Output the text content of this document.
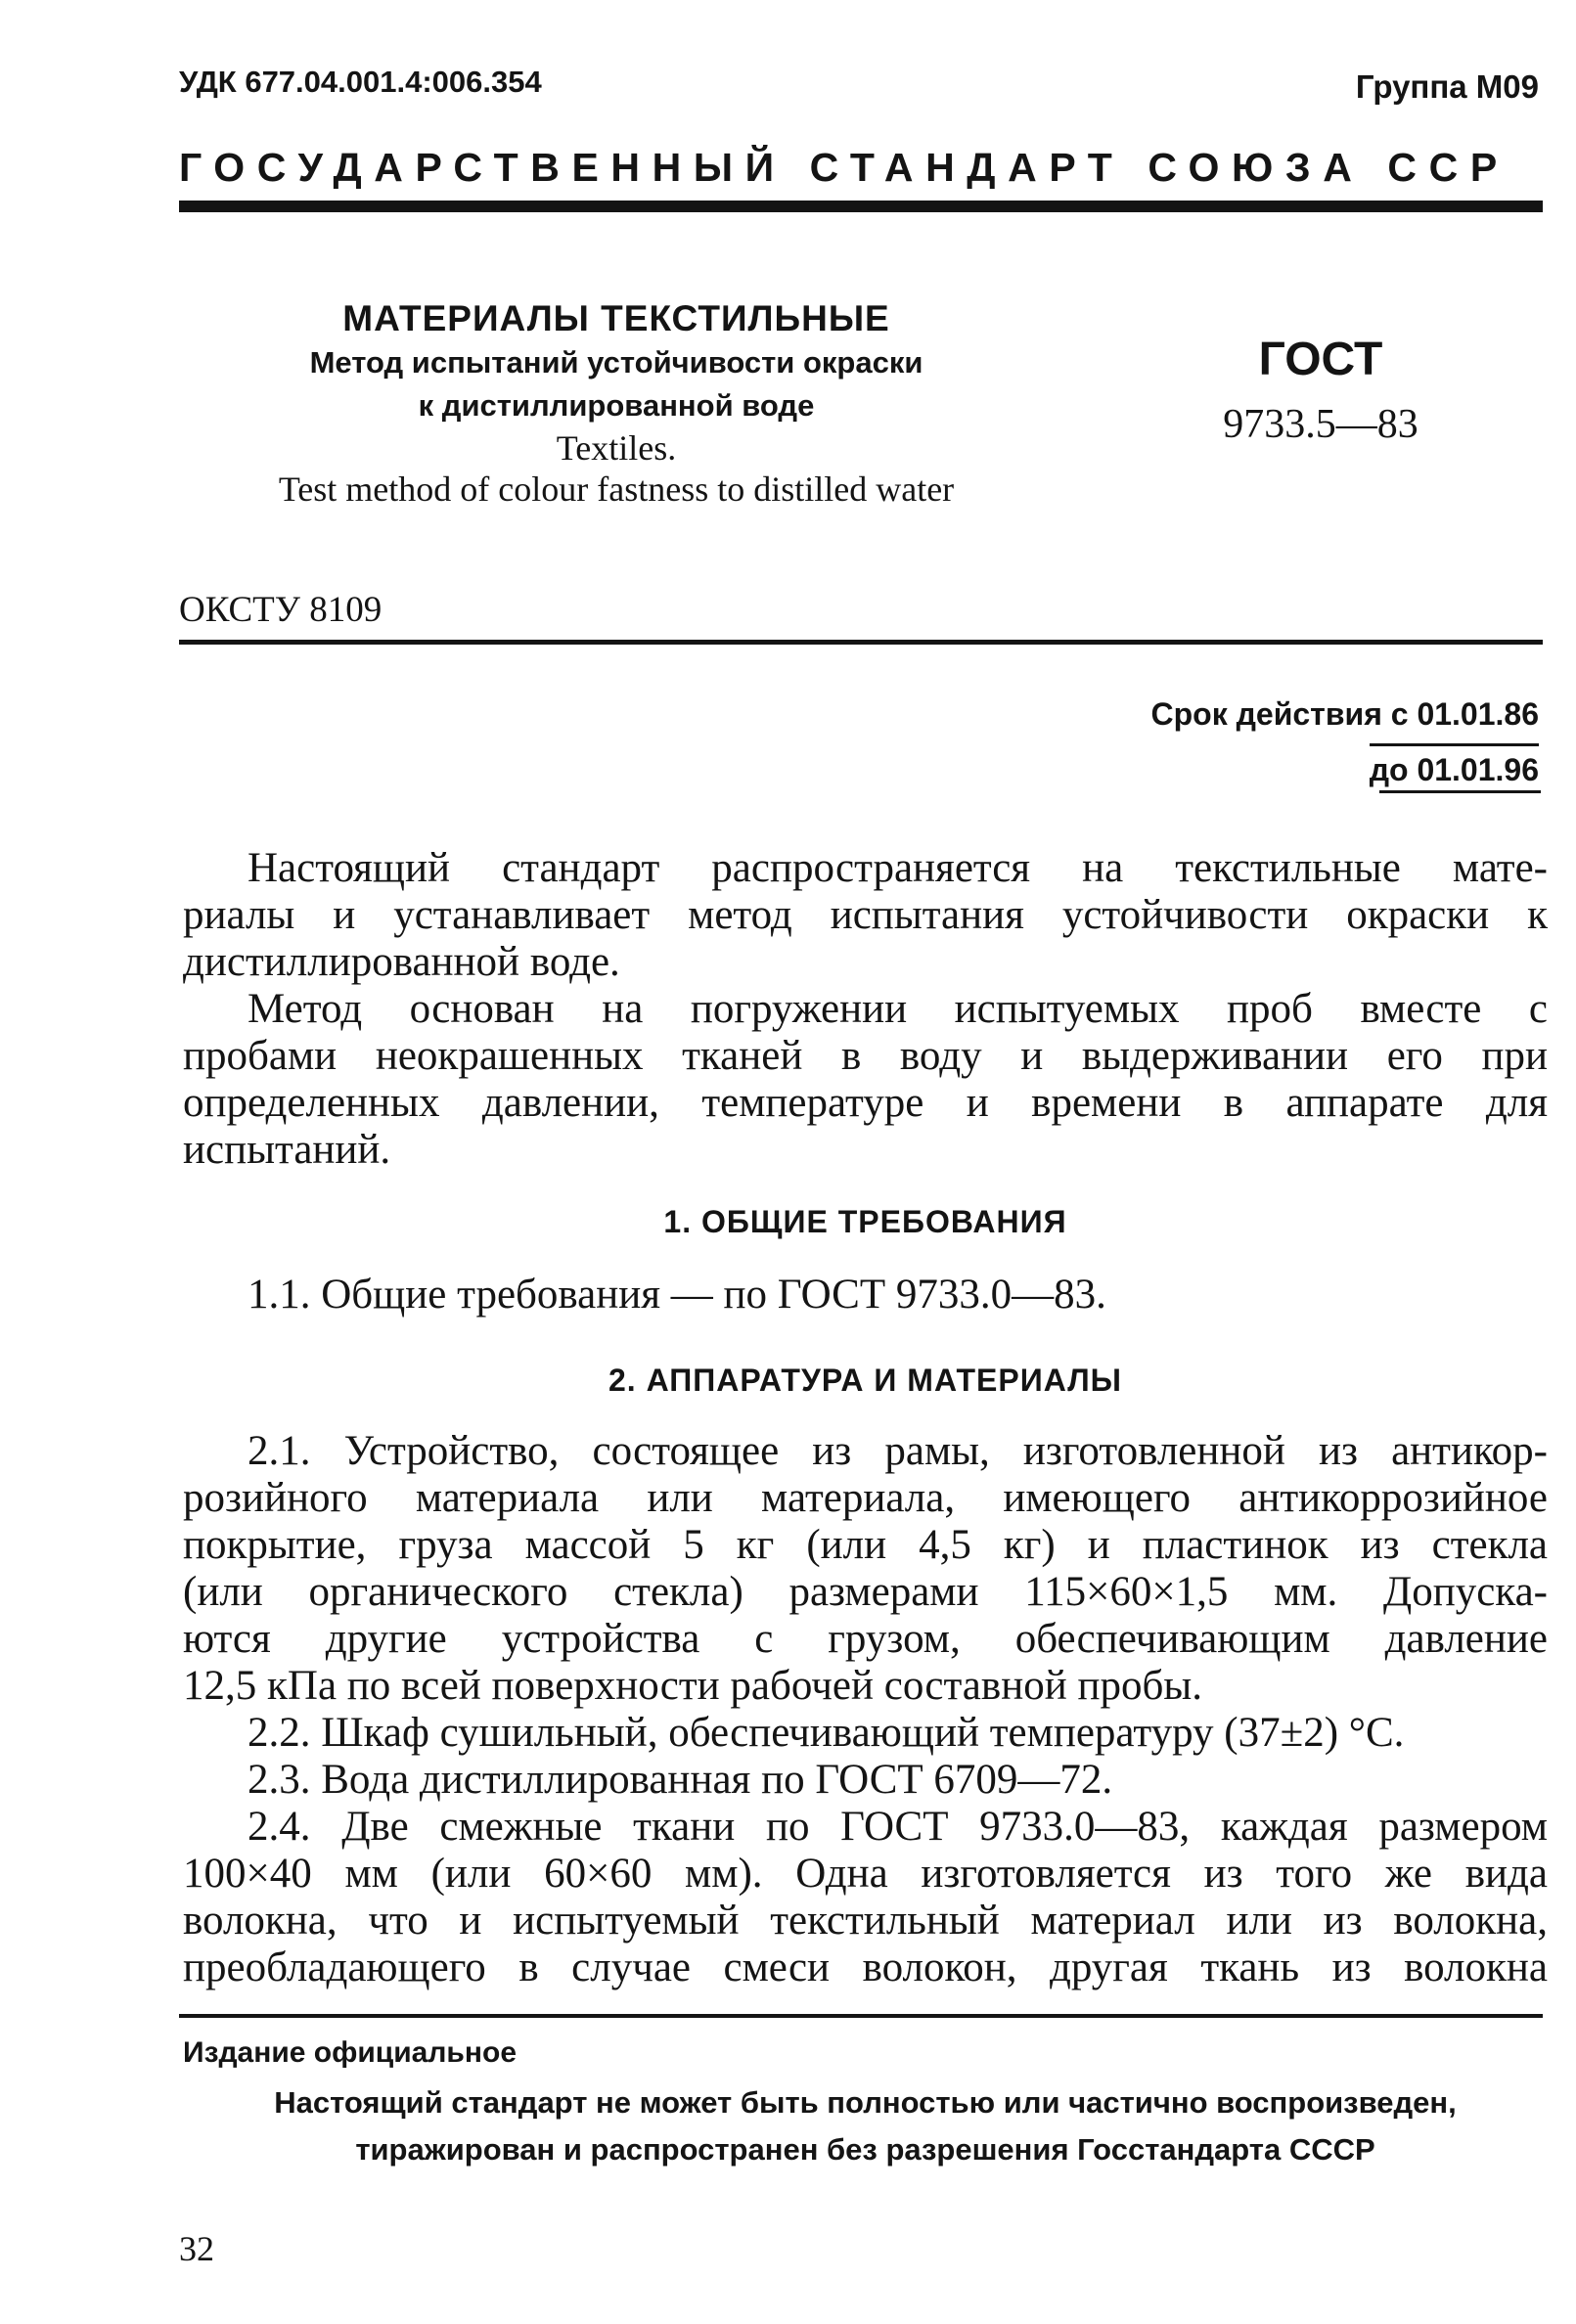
УДК 677.04.001.4:006.354	Группа М09
ГОСУДАРСТВЕННЫЙ СТАНДАРТ СОЮЗА ССР
МАТЕРИАЛЫ ТЕКСТИЛЬНЫЕ
Метод испытаний устойчивости окраски
к дистиллированной воде
Textiles.
Test method of colour fastness to distilled water
ГОСТ
9733.5—83
ОКСТУ 8109
Срок действия с 01.01.86
до 01.01.96
Настоящий стандарт распространяется на текстильные мате-
риалы и устанавливает метод испытания устойчивости окраски к
дистиллированной воде.
Метод основан на погружении испытуемых проб вместе с
пробами неокрашенных тканей в воду и выдерживании его при
определенных давлении, температуре и времени в аппарате для
испытаний.
1. ОБЩИЕ ТРЕБОВАНИЯ
1.1. Общие требования — по ГОСТ 9733.0—83.
2. АППАРАТУРА И МАТЕРИАЛЫ
2.1. Устройство, состоящее из рамы, изготовленной из антикор-
розийного материала или материала, имеющего антикоррозийное
покрытие, груза массой 5 кг (или 4,5 кг) и пластинок из стекла
(или органического стекла) размерами 115×60×1,5 мм. Допуска-
ются другие устройства с грузом, обеспечивающим давление
12,5 кПа по всей поверхности рабочей составной пробы.
2.2. Шкаф сушильный, обеспечивающий температуру (37±2) °С.
2.3. Вода дистиллированная по ГОСТ 6709—72.
2.4. Две смежные ткани по ГОСТ 9733.0—83, каждая размером
100×40 мм (или 60×60 мм). Одна изготовляется из того же вида
волокна, что и испытуемый текстильный материал или из волокна,
преобладающего в случае смеси волокон, другая ткань из волокна
Издание официальное
Настоящий стандарт не может быть полностью или частично воспроизведен,
тиражирован и распространен без разрешения Госстандарта СССР
32
